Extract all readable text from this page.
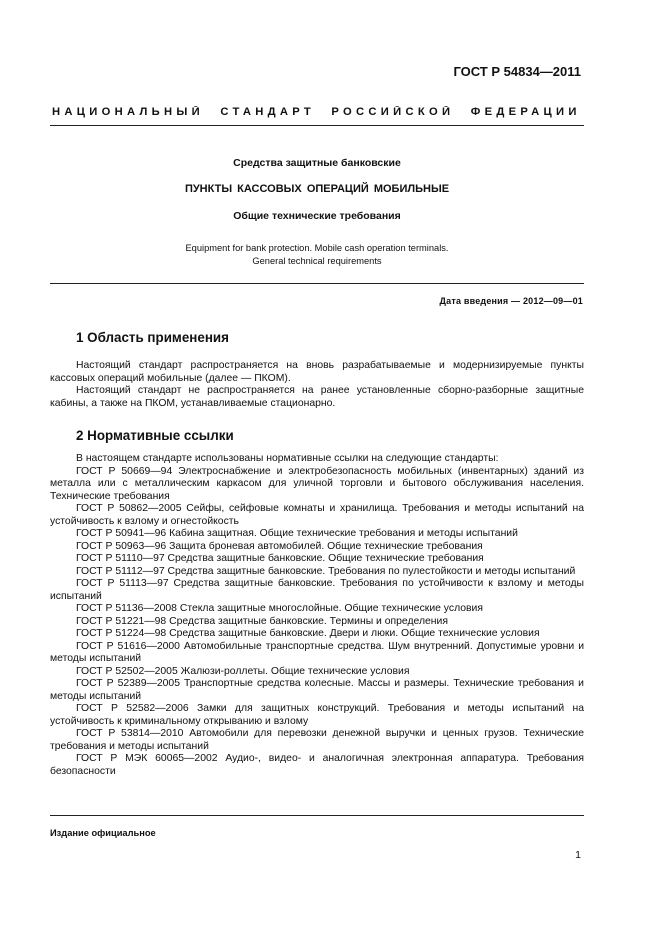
ГОСТ Р 54834—2011
НАЦИОНАЛЬНЫЙ СТАНДАРТ РОССИЙСКОЙ ФЕДЕРАЦИИ
Средства защитные банковские
ПУНКТЫ КАССОВЫХ ОПЕРАЦИЙ МОБИЛЬНЫЕ
Общие технические требования
Equipment for bank protection. Mobile cash operation terminals.
General technical requirements
Дата введения — 2012—09—01
1 Область применения

Настоящий стандарт распространяется на вновь разрабатываемые и модернизируемые пункты кассовых операций мобильные (далее — ПКОМ).

Настоящий стандарт не распространяется на ранее установленные сборно-разборные защитные кабины, а также на ПКОМ, устанавливаемые стационарно.

2 Нормативные ссылки

В настоящем стандарте использованы нормативные ссылки на следующие стандарты:

ГОСТ Р 50669—94 Электроснабжение и электробезопасность мобильных (инвентарных) зданий из металла или с металлическим каркасом для уличной торговли и бытового обслуживания населения. Технические требования

ГОСТ Р 50862—2005 Сейфы, сейфовые комнаты и хранилища. Требования и методы испытаний на устойчивость к взлому и огнестойкость

ГОСТ Р 50941—96 Кабина защитная. Общие технические требования и методы испытаний

ГОСТ Р 50963—96 Защита броневая автомобилей. Общие технические требования

ГОСТ Р 51110—97 Средства защитные банковские. Общие технические требования

ГОСТ Р 51112—97 Средства защитные банковские. Требования по пулестойкости и методы испытаний

ГОСТ Р 51113—97 Средства защитные банковские. Требования по устойчивости к взлому и методы испытаний

ГОСТ Р 51136—2008 Стекла защитные многослойные. Общие технические условия

ГОСТ Р 51221—98 Средства защитные банковские. Термины и определения

ГОСТ Р 51224—98 Средства защитные банковские. Двери и люки. Общие технические условия

ГОСТ Р 51616—2000 Автомобильные транспортные средства. Шум внутренний. Допустимые уровни и методы испытаний

ГОСТ Р 52502—2005 Жалюзи-роллеты. Общие технические условия

ГОСТ Р 52389—2005 Транспортные средства колесные. Массы и размеры. Технические требования и методы испытаний

ГОСТ Р 52582—2006 Замки для защитных конструкций. Требования и методы испытаний на устойчивость к криминальному открыванию и взлому

ГОСТ Р 53814—2010 Автомобили для перевозки денежной выручки и ценных грузов. Технические требования и методы испытаний

ГОСТ Р МЭК 60065—2002 Аудио-, видео- и аналогичная электронная аппаратура. Требования безопасности

Издание официальное
1
